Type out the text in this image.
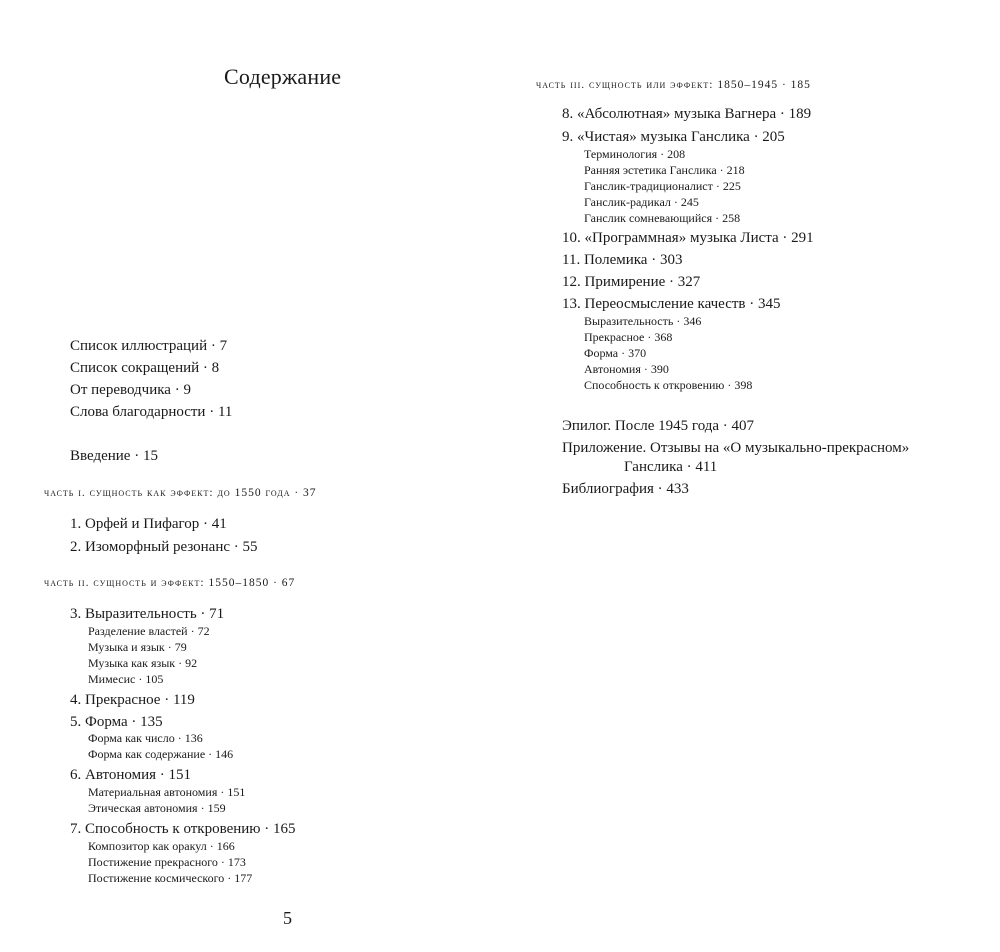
Содержание
Список иллюстраций · 7
Список сокращений · 8
От переводчика · 9
Слова благодарности · 11
Введение · 15
часть i. сущность как эффект: до 1550 года · 37
1. Орфей и Пифагор · 41
2. Изоморфный резонанс · 55
часть ii. сущность и эффект: 1550–1850 · 67
3. Выразительность · 71
Разделение властей · 72
Музыка и язык · 79
Музыка как язык · 92
Мимесис · 105
4. Прекрасное · 119
5. Форма · 135
Форма как число · 136
Форма как содержание · 146
6. Автономия · 151
Материальная автономия · 151
Этическая автономия · 159
7. Способность к откровению · 165
Композитор как оракул · 166
Постижение прекрасного · 173
Постижение космического · 177
5
часть iii. сущность или эффект: 1850–1945 · 185
8. «Абсолютная» музыка Вагнера · 189
9. «Чистая» музыка Ганслика · 205
Терминология · 208
Ранняя эстетика Ганслика · 218
Ганслик-традиционалист · 225
Ганслик-радикал · 245
Ганслик сомневающийся · 258
10. «Программная» музыка Листа · 291
11. Полемика · 303
12. Примирение · 327
13. Переосмысление качеств · 345
Выразительность · 346
Прекрасное · 368
Форма · 370
Автономия · 390
Способность к откровению · 398
Эпилог. После 1945 года · 407
Приложение. Отзывы на «О музыкально-прекрасном»
Ганслика · 411
Библиография · 433
